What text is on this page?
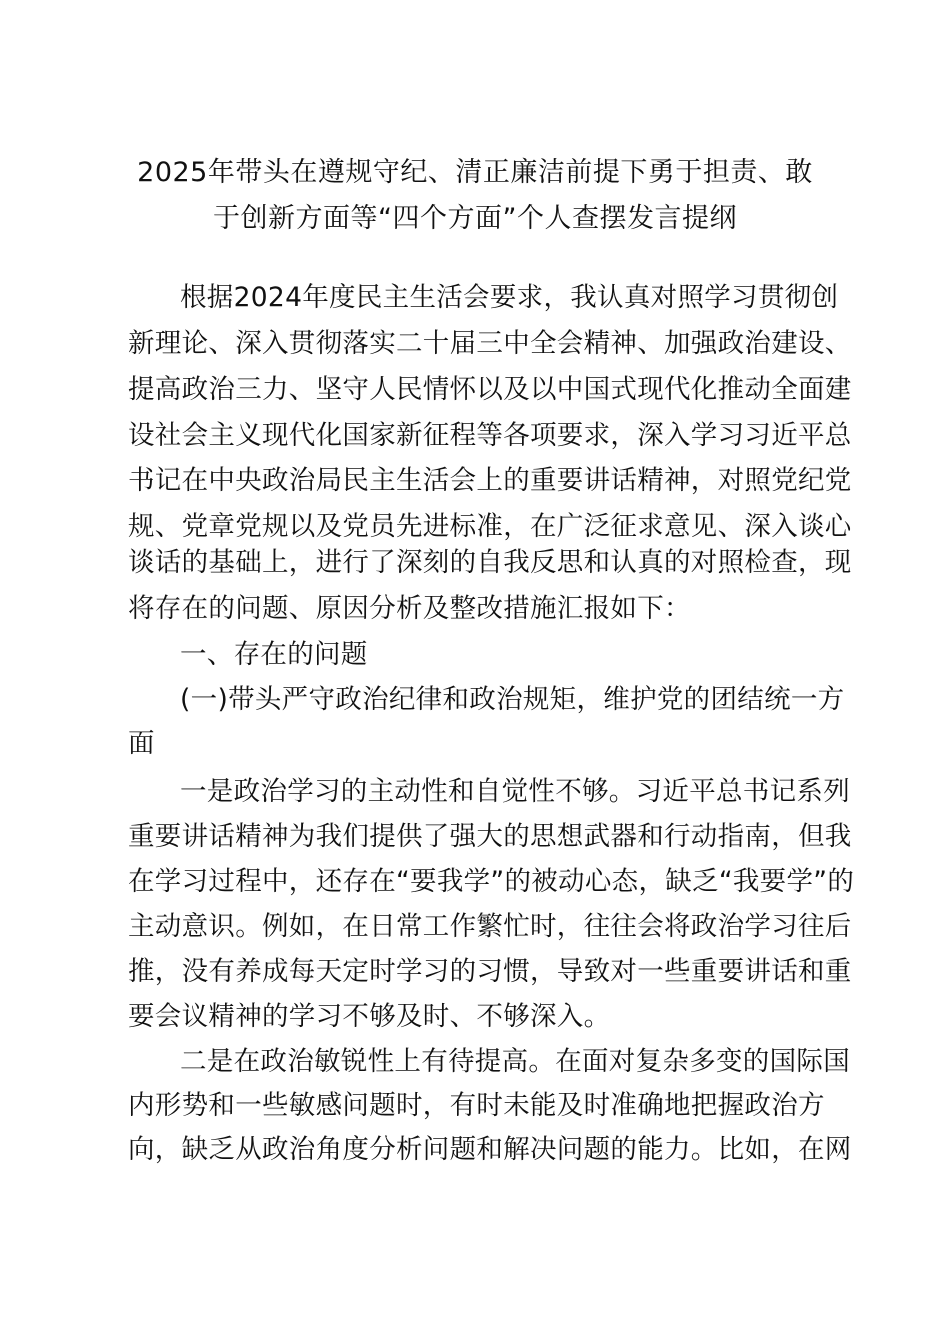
2025年带头在遵规守纪、清正廉洁前提下勇于担责、敢
于创新方面等“四个方面”个人查摆发言提纲
根据2024年度民主生活会要求，我认真对照学习贯彻创
新理论、深入贯彻落实二十届三中全会精神、加强政治建设、
提高政治三力、坚守人民情怀以及以中国式现代化推动全面建
设社会主义现代化国家新征程等各项要求，深入学习习近平总
书记在中央政治局民主生活会上的重要讲话精神，对照党纪党
规、党章党规以及党员先进标准，在广泛征求意见、深入谈心
谈话的基础上，进行了深刻的自我反思和认真的对照检查，现
将存在的问题、原因分析及整改措施汇报如下：
一、存在的问题
(一)带头严守政治纪律和政治规矩，维护党的团结统一方
面
一是政治学习的主动性和自觉性不够。习近平总书记系列
重要讲话精神为我们提供了强大的思想武器和行动指南，但我
在学习过程中，还存在“要我学”的被动心态，缺乏“我要学”的
主动意识。例如，在日常工作繁忙时，往往会将政治学习往后
推，没有养成每天定时学习的习惯，导致对一些重要讲话和重
要会议精神的学习不够及时、不够深入。
二是在政治敏锐性上有待提高。在面对复杂多变的国际国
内形势和一些敏感问题时，有时未能及时准确地把握政治方
向，缺乏从政治角度分析问题和解决问题的能力。比如，在网
